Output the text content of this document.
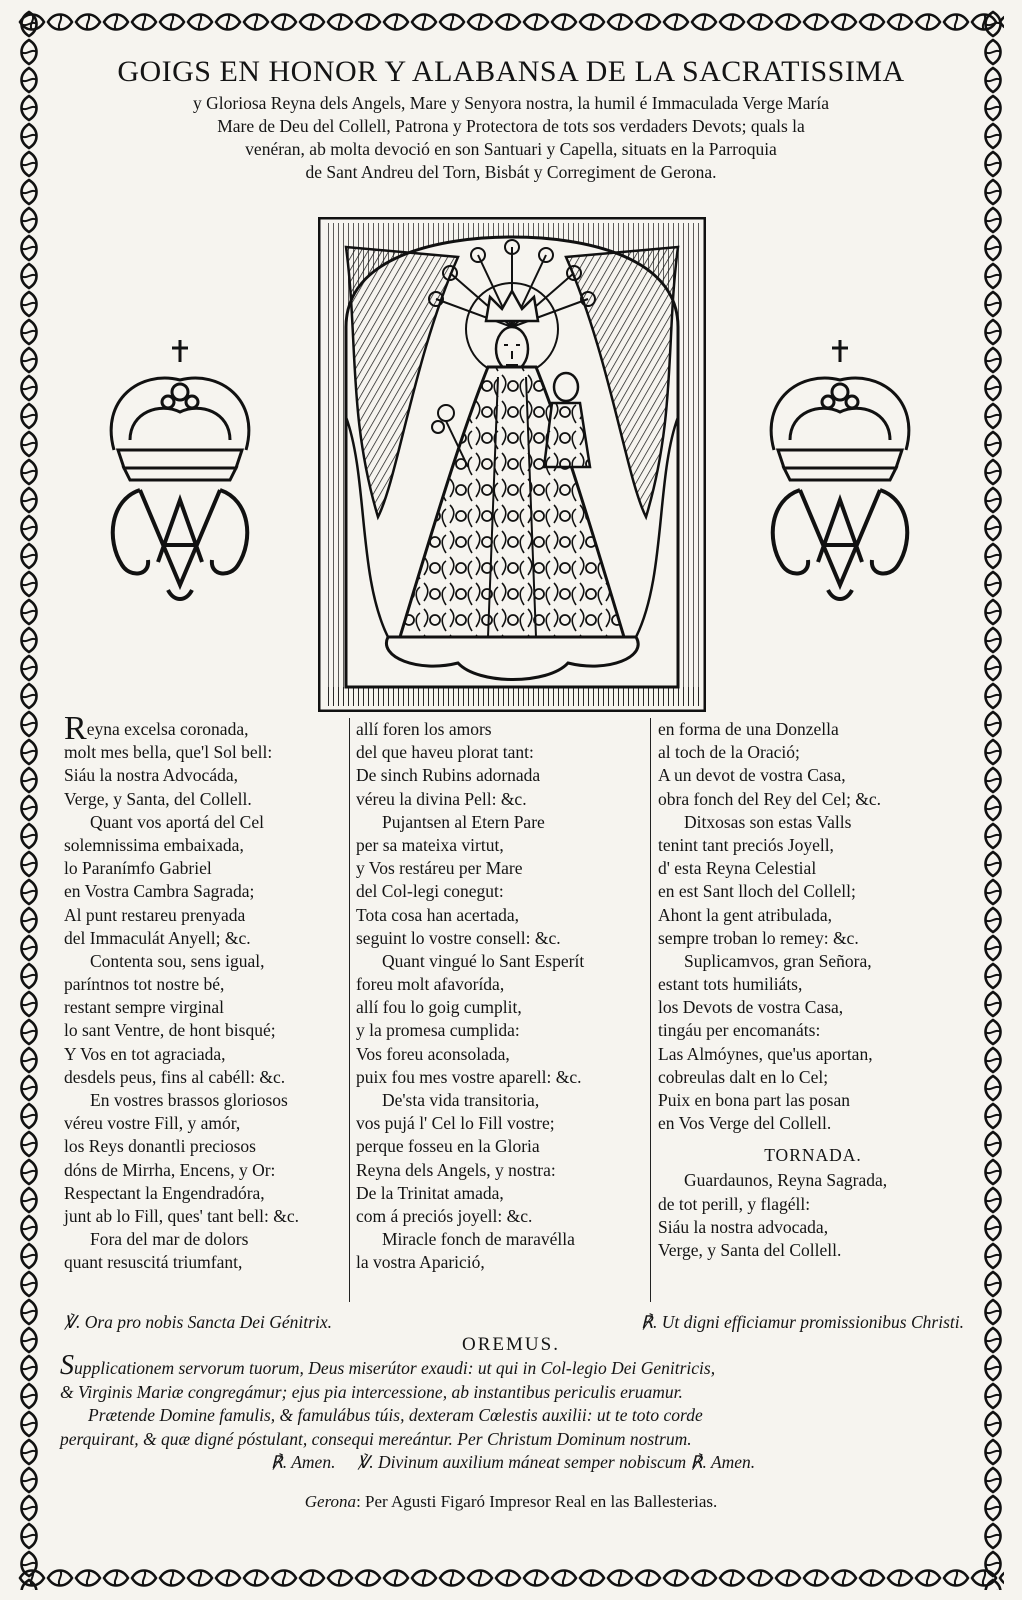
GOIGS EN HONOR Y ALABANSA DE LA SACRATISSIMA
y Gloriosa Reyna dels Angels, Mare y Senyora nostra, la humil é Immaculada Verge María
Mare de Deu del Collell, Patrona y Protectora de tots sos verdaders Devots; quals la
venéran, ab molta devoció en son Santuari y Capella, situats en la Parroquia
de Sant Andreu del Torn, Bisbát y Corregiment de Gerona.
Reyna excelsa coronada,
molt mes bella, que'l Sol bell:
Siáu la nostra Advocáda,
Verge, y Santa, del Collell.
Quant vos aportá del Cel
solemnissima embaixada,
lo Paranímfo Gabriel
en Vostra Cambra Sagrada;
Al punt restareu prenyada
del Immaculát Anyell; &c.
Contenta sou, sens igual,
paríntnos tot nostre bé,
restant sempre virginal
lo sant Ventre, de hont bisqué;
Y Vos en tot agraciada,
desdels peus, fins al cabéll: &c.
En vostres brassos gloriosos
véreu vostre Fill, y amór,
los Reys donantli preciosos
dóns de Mirrha, Encens, y Or:
Respectant la Engendradóra,
junt ab lo Fill, ques' tant bell: &c.
Fora del mar de dolors
quant resuscitá triumfant,
allí foren los amors
del que haveu plorat tant:
De sinch Rubins adornada
véreu la divina Pell: &c.
Pujantsen al Etern Pare
per sa mateixa virtut,
y Vos restáreu per Mare
del Col-legi conegut:
Tota cosa han acertada,
seguint lo vostre consell: &c.
Quant vingué lo Sant Esperít
foreu molt afavorída,
allí fou lo goig cumplit,
y la promesa cumplida:
Vos foreu aconsolada,
puix fou mes vostre aparell: &c.
De'sta vida transitoria,
vos pujá l' Cel lo Fill vostre;
perque fosseu en la Gloria
Reyna dels Angels, y nostra:
De la Trinitat amada,
com á preciós joyell: &c.
Miracle fonch de maravélla
la vostra Aparició,
en forma de una Donzella
al toch de la Oració;
A un devot de vostra Casa,
obra fonch del Rey del Cel; &c.
Ditxosas son estas Valls
tenint tant preciós Joyell,
d' esta Reyna Celestial
en est Sant lloch del Collell;
Ahont la gent atribulada,
sempre troban lo remey: &c.
Suplicamvos, gran Señora,
estant tots humiliáts,
los Devots de vostra Casa,
tingáu per encomanáts:
Las Almóynes, que'us aportan,
cobreulas dalt en lo Cel;
Puix en bona part las posan
en Vos Verge del Collell.
TORNADA.
Guardaunos, Reyna Sagrada,
de tot perill, y flagéll:
Siáu la nostra advocada,
Verge, y Santa del Collell.
℣. Ora pro nobis Sancta Dei Génitrix.	℟. Ut digni efficiamur promissionibus Christi.
OREMUS.
Supplicationem servorum tuorum, Deus miserútor exaudi: ut qui in Col-legio Dei Genitricis,
& Virginis Mariæ congregámur; ejus pia intercessione, ab instantibus periculis eruamur.
Prætende Domine famulis, & famulábus túis, dexteram Cœlestis auxilii: ut te toto corde
perquirant, & quæ digné póstulant, consequi mereántur. Per Christum Dominum nostrum.
℟. Amen.     ℣. Divinum auxilium máneat semper nobiscum ℟. Amen.
Gerona: Per Agusti Figaró Impresor Real en las Ballesterias.
